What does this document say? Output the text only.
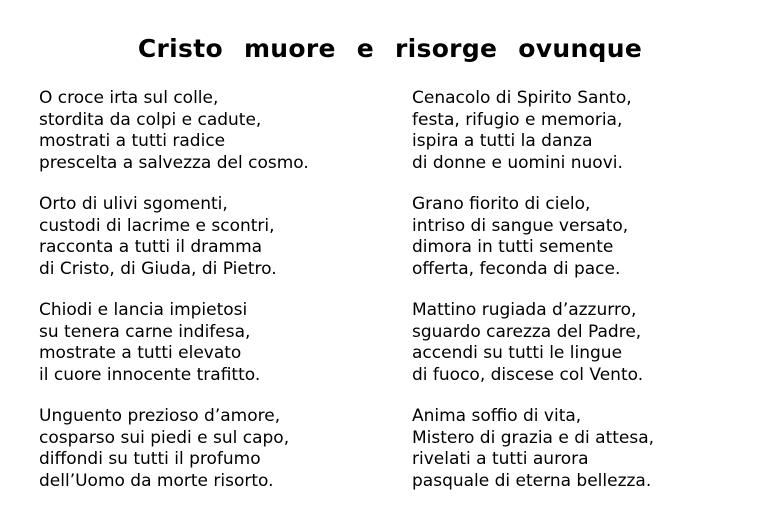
Cristo muore e risorge ovunque
O croce irta sul colle,
stordita da colpi e cadute,
mostrati a tutti radice
prescelta a salvezza del cosmo.
Orto di ulivi sgomenti,
custodi di lacrime e scontri,
racconta a tutti il dramma
di Cristo, di Giuda, di Pietro.
Chiodi e lancia impietosi
su tenera carne indifesa,
mostrate a tutti elevato
il cuore innocente trafitto.
Unguento prezioso d’amore,
cosparso sui piedi e sul capo,
diffondi su tutti il profumo
dell’Uomo da morte risorto.
Cenacolo di Spirito Santo,
festa, rifugio e memoria,
ispira a tutti la danza
di donne e uomini nuovi.
Grano fiorito di cielo,
intriso di sangue versato,
dimora in tutti semente
offerta, feconda di pace.
Mattino rugiada d’azzurro,
sguardo carezza del Padre,
accendi su tutti le lingue
di fuoco, discese col Vento.
Anima soffio di vita,
Mistero di grazia e di attesa,
rivelati a tutti aurora
pasquale di eterna bellezza.
